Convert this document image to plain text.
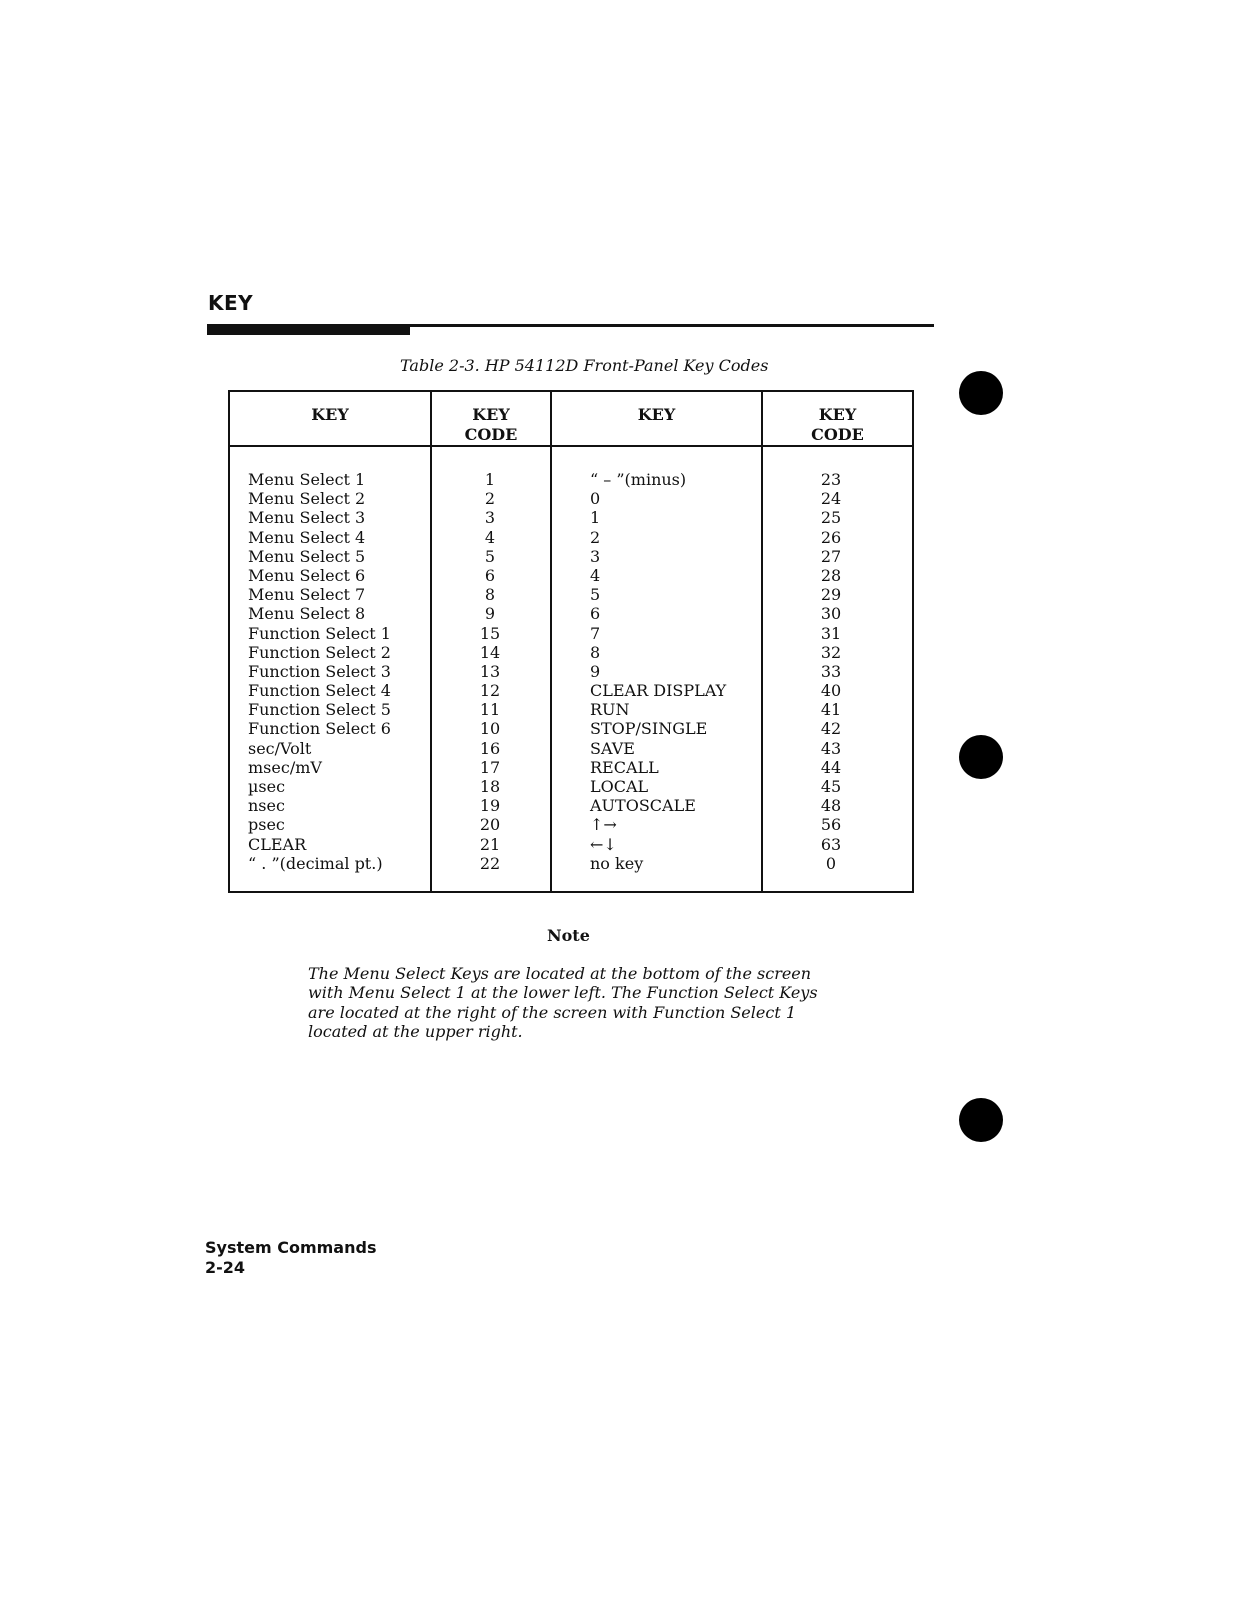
KEY
Table 2-3. HP 54112D Front-Panel Key Codes
KEY	KEY
CODE
KEY	KEY
CODE
Menu Select 1
Menu Select 2
Menu Select 3
Menu Select 4
Menu Select 5
Menu Select 6
Menu Select 7
Menu Select 8
Function Select 1
Function Select 2
Function Select 3
Function Select 4
Function Select 5
Function Select 6
sec/Volt
msec/mV
µsec
nsec
psec
CLEAR
“ . ”(decimal pt.)
1
2
3
4
5
6
8
9
15
14
13
12
11
10
16
17
18
19
20
21
22
“ – ”(minus)
0
1
2
3
4
5
6
7
8
9
CLEAR DISPLAY
RUN
STOP/SINGLE
SAVE
RECALL
LOCAL
AUTOSCALE
↑→
←↓
no key
23
24
25
26
27
28
29
30
31
32
33
40
41
42
43
44
45
48
56
63
0
Note
The Menu Select Keys are located at the bottom of the screen with Menu Select 1 at the lower left. The Function Select Keys are located at the right of the screen with Function Select 1 located at the upper right.
System Commands
2-24
